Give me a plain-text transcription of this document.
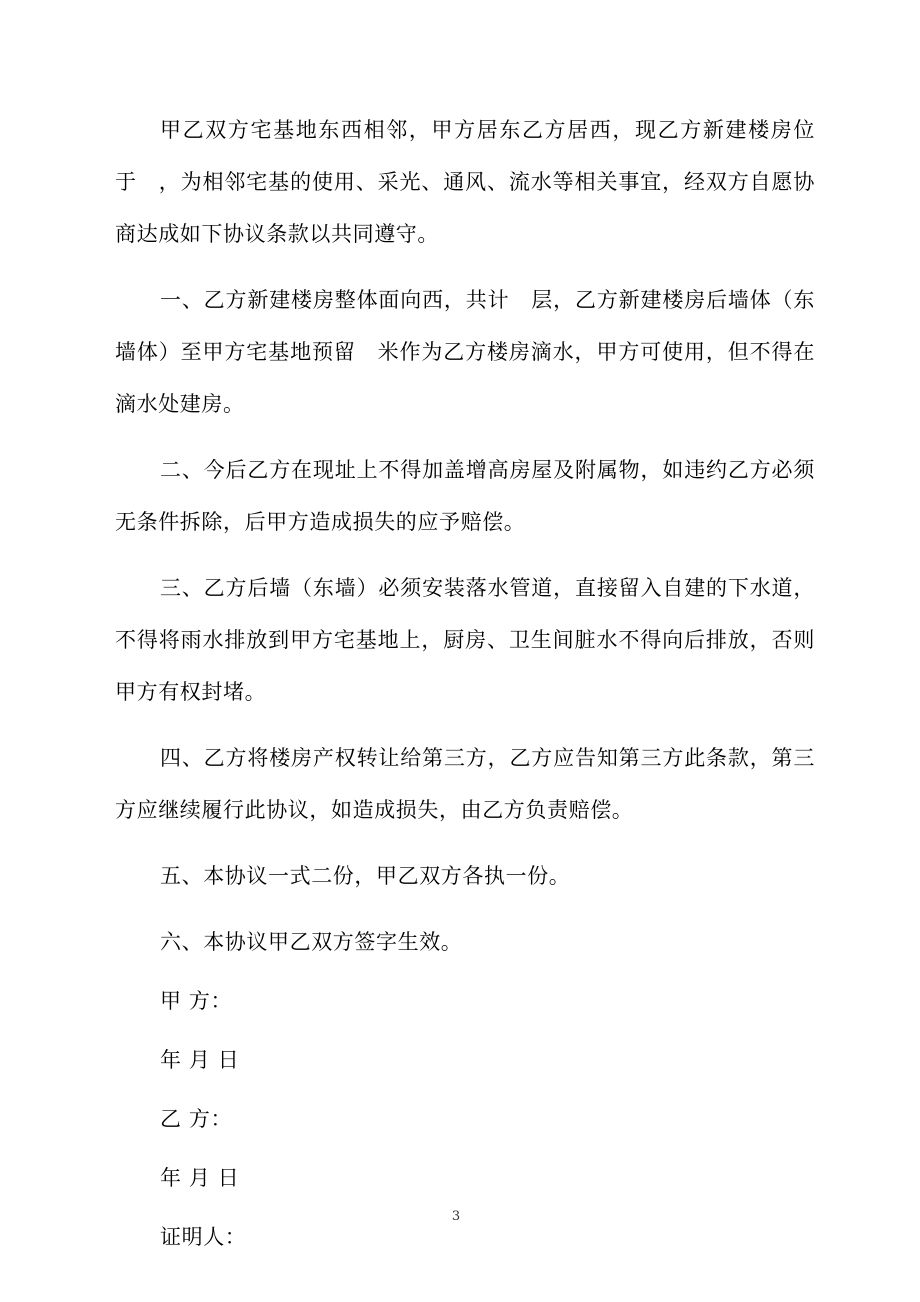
甲乙双方宅基地东西相邻，甲方居东乙方居西，现乙方新建楼房位于　，为相邻宅基的使用、采光、通风、流水等相关事宜，经双方自愿协商达成如下协议条款以共同遵守。

一、乙方新建楼房整体面向西，共计　层，乙方新建楼房后墙体（东墙体）至甲方宅基地预留　米作为乙方楼房滴水，甲方可使用，但不得在滴水处建房。

二、今后乙方在现址上不得加盖增高房屋及附属物，如违约乙方必须无条件拆除，后甲方造成损失的应予赔偿。

三、乙方后墙（东墙）必须安装落水管道，直接留入自建的下水道，不得将雨水排放到甲方宅基地上，厨房、卫生间脏水不得向后排放，否则甲方有权封堵。

四、乙方将楼房产权转让给第三方，乙方应告知第三方此条款，第三方应继续履行此协议，如造成损失，由乙方负责赔偿。

五、本协议一式二份，甲乙双方各执一份。

六、本协议甲乙双方签字生效。

甲 方：

年 月 日

乙 方：

年 月 日

证明人：

3
